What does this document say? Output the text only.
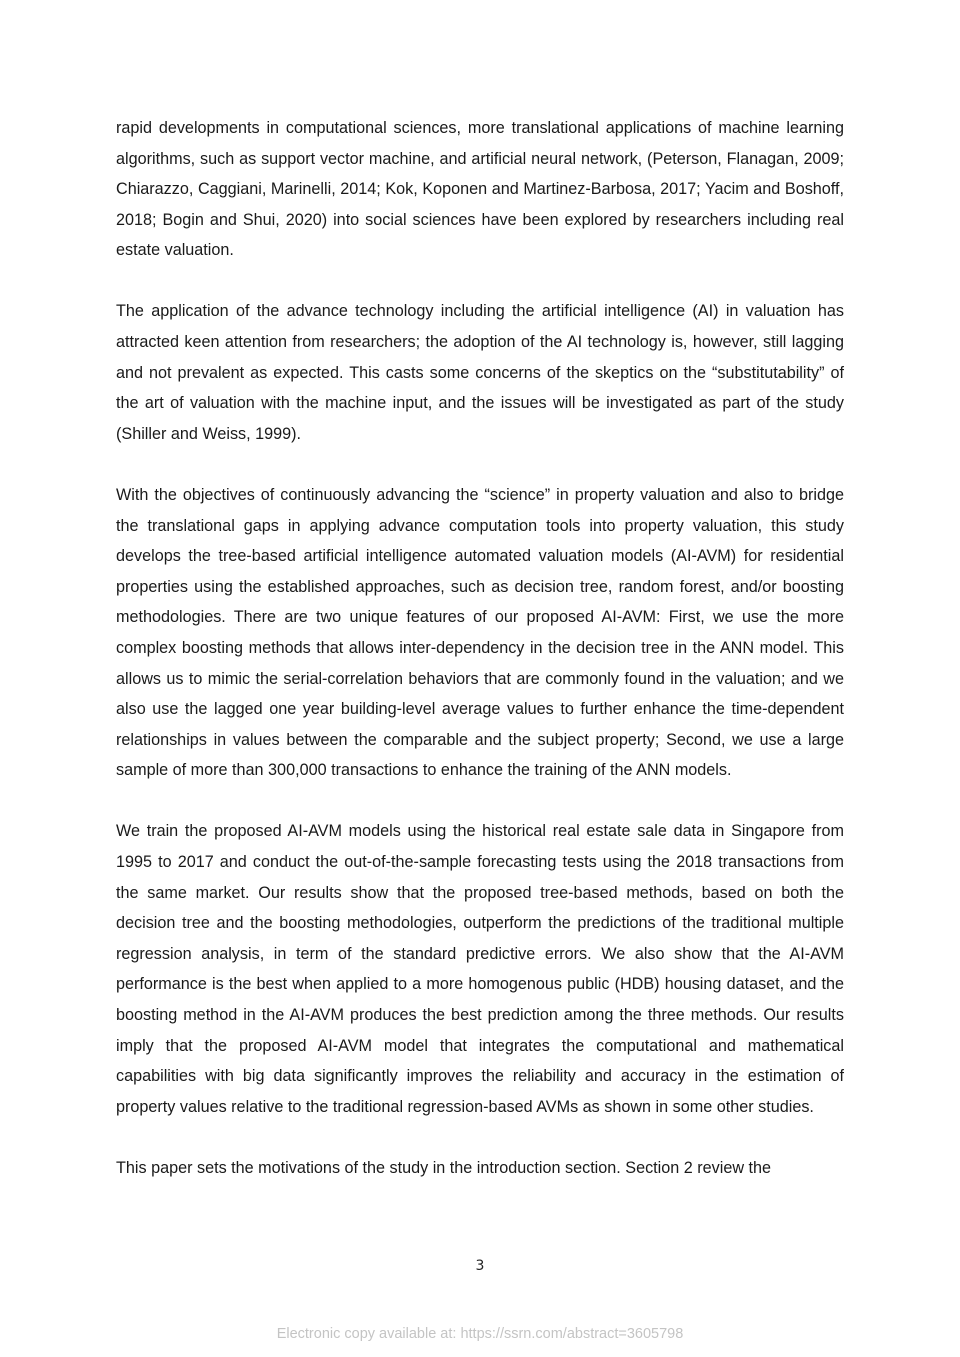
rapid developments in computational sciences, more translational applications of machine learning algorithms, such as support vector machine, and artificial neural network, (Peterson, Flanagan, 2009; Chiarazzo, Caggiani, Marinelli, 2014; Kok, Koponen and Martinez-Barbosa, 2017; Yacim and Boshoff, 2018; Bogin and Shui, 2020) into social sciences have been explored by researchers including real estate valuation.

The application of the advance technology including the artificial intelligence (AI) in valuation has attracted keen attention from researchers; the adoption of the AI technology is, however, still lagging and not prevalent as expected. This casts some concerns of the skeptics on the “substitutability” of the art of valuation with the machine input, and the issues will be investigated as part of the study (Shiller and Weiss, 1999).

With the objectives of continuously advancing the “science” in property valuation and also to bridge the translational gaps in applying advance computation tools into property valuation, this study develops the tree-based artificial intelligence automated valuation models (AI-AVM) for residential properties using the established approaches, such as decision tree, random forest, and/or boosting methodologies. There are two unique features of our proposed AI-AVM: First, we use the more complex boosting methods that allows inter-dependency in the decision tree in the ANN model. This allows us to mimic the serial-correlation behaviors that are commonly found in the valuation; and we also use the lagged one year building-level average values to further enhance the time-dependent relationships in values between the comparable and the subject property; Second, we use a large sample of more than 300,000 transactions to enhance the training of the ANN models.

We train the proposed AI-AVM models using the historical real estate sale data in Singapore from 1995 to 2017 and conduct the out-of-the-sample forecasting tests using the 2018 transactions from the same market. Our results show that the proposed tree-based methods, based on both the decision tree and the boosting methodologies, outperform the predictions of the traditional multiple regression analysis, in term of the standard predictive errors. We also show that the AI-AVM performance is the best when applied to a more homogenous public (HDB) housing dataset, and the boosting method in the AI-AVM produces the best prediction among the three methods. Our results imply that the proposed AI-AVM model that integrates the computational and mathematical capabilities with big data significantly improves the reliability and accuracy in the estimation of property values relative to the traditional regression-based AVMs as shown in some other studies.

This paper sets the motivations of the study in the introduction section. Section 2 review the

3
Electronic copy available at: https://ssrn.com/abstract=3605798
